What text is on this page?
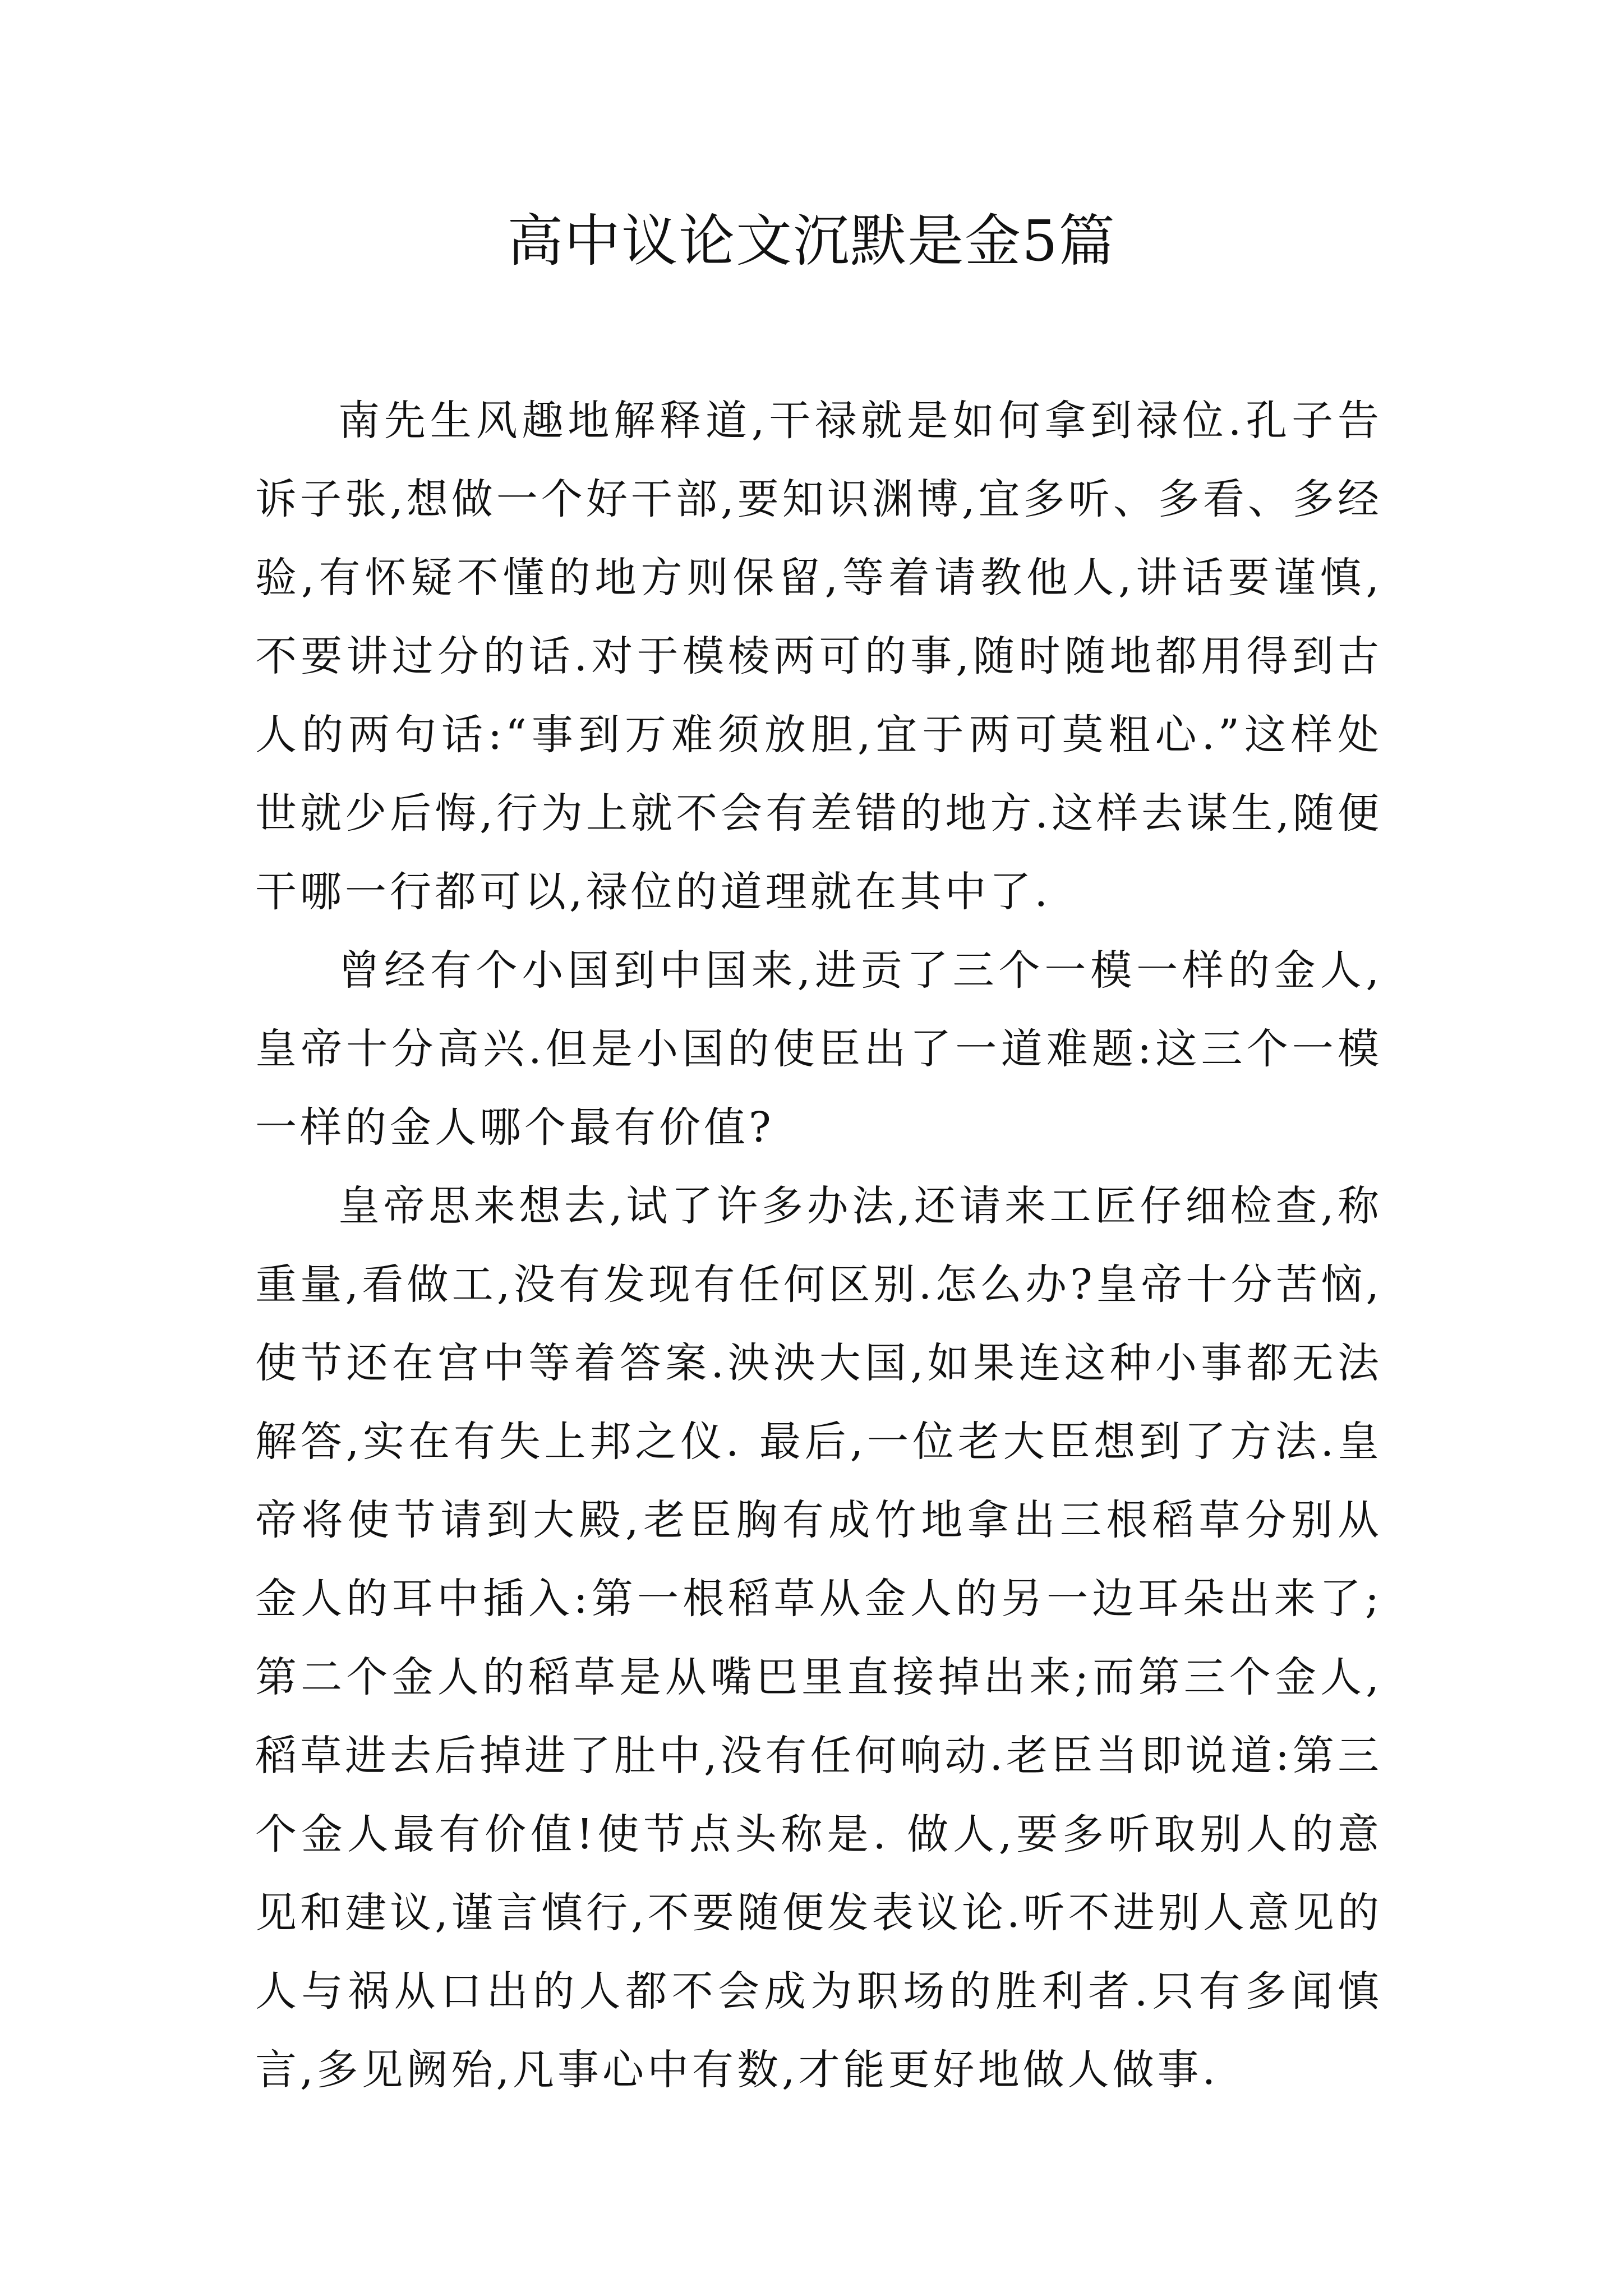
高中议论文沉默是金5篇

南先生风趣地解释道,干禄就是如何拿到禄位.孔子告诉子张,想做一个好干部,要知识渊博,宜多听、多看、多经验,有怀疑不懂的地方则保留,等着请教他人,讲话要谨慎,不要讲过分的话.对于模棱两可的事,随时随地都用得到古人的两句话:“事到万难须放胆,宜于两可莫粗心.”这样处世就少后悔,行为上就不会有差错的地方.这样去谋生,随便干哪一行都可以,禄位的道理就在其中了.

曾经有个小国到中国来,进贡了三个一模一样的金人,皇帝十分高兴.但是小国的使臣出了一道难题:这三个一模一样的金人哪个最有价值?

皇帝思来想去,试了许多办法,还请来工匠仔细检查,称重量,看做工,没有发现有任何区别.怎么办?皇帝十分苦恼,使节还在宫中等着答案.泱泱大国,如果连这种小事都无法解答,实在有失上邦之仪. 最后,一位老大臣想到了方法.皇帝将使节请到大殿,老臣胸有成竹地拿出三根稻草分别从金人的耳中插入:第一根稻草从金人的另一边耳朵出来了;第二个金人的稻草是从嘴巴里直接掉出来;而第三个金人,稻草进去后掉进了肚中,没有任何响动.老臣当即说道:第三个金人最有价值!使节点头称是. 做人,要多听取别人的意见和建议,谨言慎行,不要随便发表议论.听不进别人意见的人与祸从口出的人都不会成为职场的胜利者.只有多闻慎言,多见阙殆,凡事心中有数,才能更好地做人做事.
